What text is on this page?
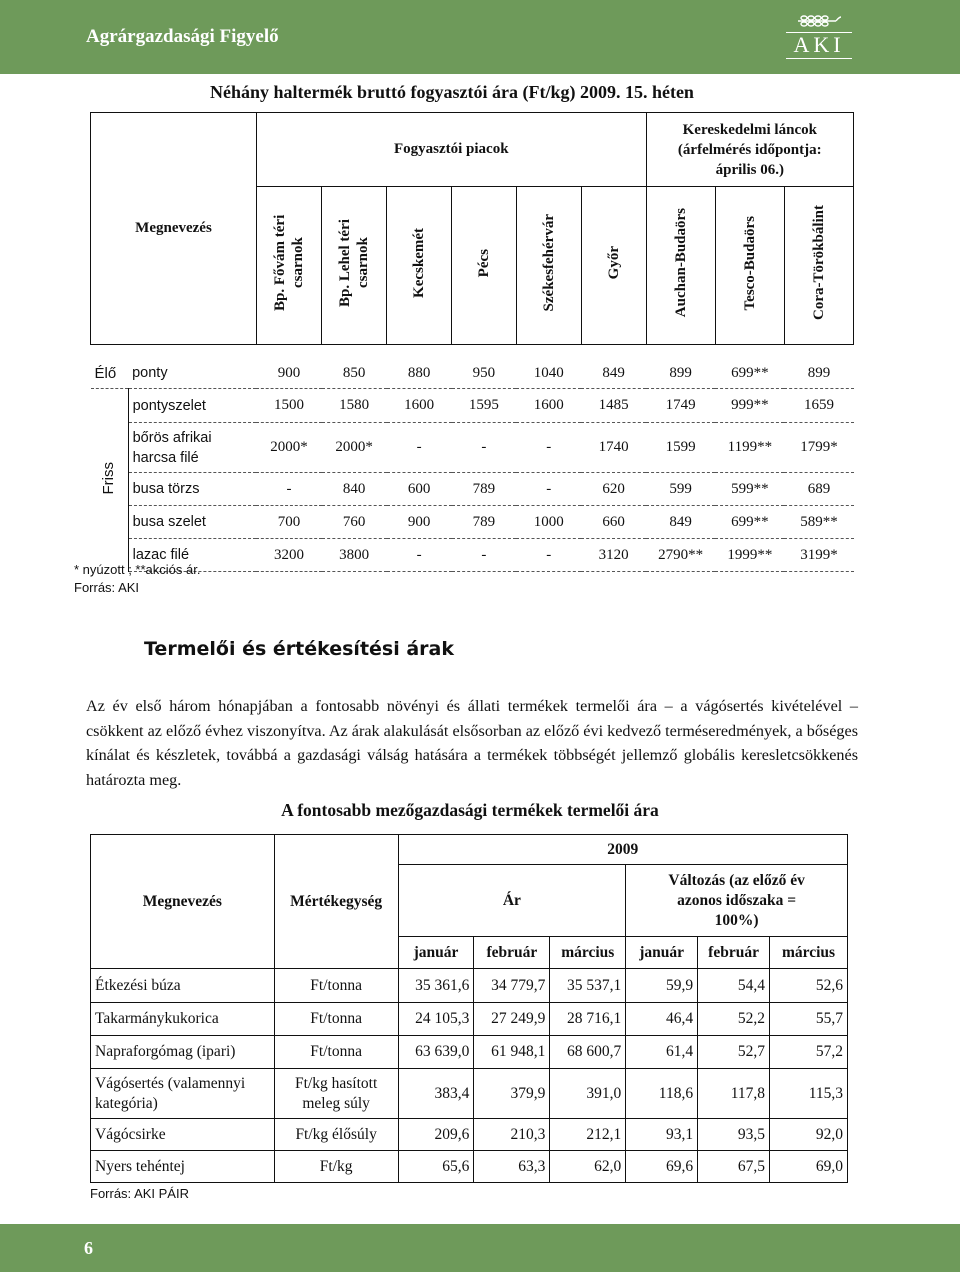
Agrárgazdasági Figyelő	AKI
Néhány haltermék bruttó fogyasztói ára (Ft/kg) 2009. 15. héten
Megnevezés		Fogyasztói piacok						Kereskedelmi láncok (árfelmérés időpontja: április 06.)		
		Bp. Fővám téri csarnok	Bp. Lehel téri csarnok	Kecskemét	Pécs	Székesfehérvár	Győr	Auchan-Budaörs	Tesco-Budaörs	Cora-Törökbálint

Élő	ponty	900	850	880	950	1040	849	899	699**	899
Friss	pontyszelet	1500	1580	1600	1595	1600	1485	1749	999**	1659
	bőrös afrikai harcsa filé	2000*	2000*	-	-	-	1740	1599	1199**	1799*
	busa törzs	-	840	600	789	-	620	599	599**	689
	busa szelet	700	760	900	789	1000	660	849	699**	589**
	lazac filé	3200	3800	-	-	-	3120	2790**	1999**	3199*
* nyúzott ; **akciós ár.
Forrás: AKI
Termelői és értékesítési árak
Az év első három hónapjában a fontosabb növényi és állati termékek termelői ára – a vágósertés kivételével – csökkent az előző évhez viszonyítva. Az árak alakulását elsősorban az előző évi kedvező terméseredmények, a bőséges kínálat és készletek, továbbá a gazdasági válság hatására a termékek többségét jellemző globális keresletcsökkenés határozta meg.
A fontosabb mezőgazdasági termékek termelői ára
Megnevezés	Mértékegység	2009					
		Ár			Változás (az előző év azonos időszaka = 100%)		
		január	február	március	január	február	március
Étkezési búza	Ft/tonna	35 361,6	34 779,7	35 537,1	59,9	54,4	52,6
Takarmánykukorica	Ft/tonna	24 105,3	27 249,9	28 716,1	46,4	52,2	55,7
Napraforgómag (ipari)	Ft/tonna	63 639,0	61 948,1	68 600,7	61,4	52,7	57,2
Vágósertés (valamennyi kategória)	Ft/kg hasított meleg súly	383,4	379,9	391,0	118,6	117,8	115,3
Vágócsirke	Ft/kg élősúly	209,6	210,3	212,1	93,1	93,5	92,0
Nyers tehéntej	Ft/kg	65,6	63,3	62,0	69,6	67,5	69,0
Forrás: AKI PÁIR
6
